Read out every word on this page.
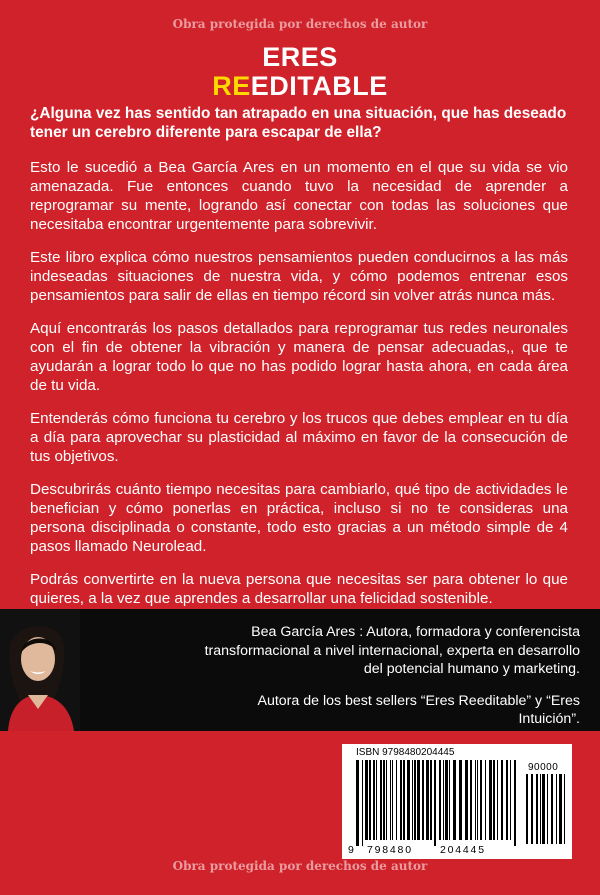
Obra protegida por derechos de autor
ERES
REEDITABLE

¿Alguna vez has sentido tan atrapado en una situación, que has deseado tener un cerebro diferente para escapar de ella?

Esto le sucedió a Bea García Ares en un momento en el que su vida se vio amenazada. Fue entonces cuando tuvo la necesidad de aprender a reprogramar su mente, logrando así conectar con todas las soluciones que necesitaba encontrar urgentemente para sobrevivir.

Este libro explica cómo nuestros pensamientos pueden conducirnos a las más indeseadas situaciones de nuestra vida, y cómo podemos entrenar esos pensamientos para salir de ellas en tiempo récord sin volver atrás nunca más.

Aquí encontrarás los pasos detallados para reprogramar tus redes neuronales con el fin de obtener la vibración y manera de pensar adecuadas,, que te ayudarán a lograr todo lo que no has podido lograr hasta ahora, en cada área de tu vida.

Entenderás cómo funciona tu cerebro y los trucos que debes emplear en tu día a día para aprovechar su plasticidad al máximo en favor de la consecución de tus objetivos.

Descubrirás cuánto tiempo necesitas para cambiarlo, qué tipo de actividades le benefician y cómo ponerlas en práctica, incluso si no te consideras una persona disciplinada o constante, todo esto gracias a un método simple de 4 pasos llamado Neurolead.

Podrás convertirte en la nueva persona que necesitas ser para obtener lo que quieres, a la vez que aprendes a desarrollar una felicidad sostenible.

Bea García Ares : Autora, formadora y conferencista transformacional a nivel internacional, experta en desarrollo del potencial humano y marketing.

Autora de los best sellers “Eres Reeditable” y “Eres Intuición”.

ISBN 9798480204445
90000
9 798480	204445
Obra protegida por derechos de autor
